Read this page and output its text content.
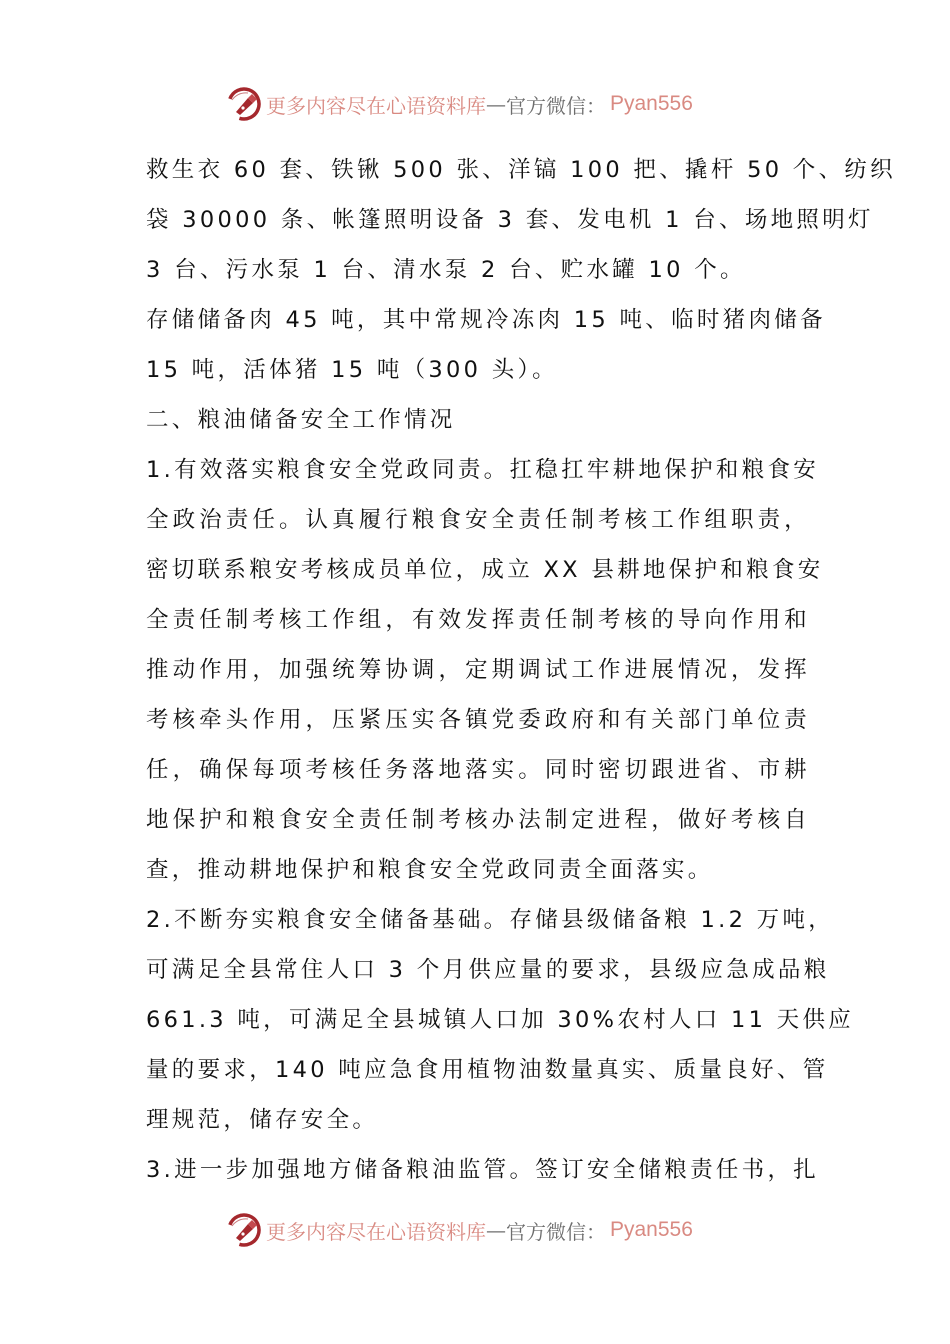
更多内容尽在心语资料库 — 官方微信： Pyan556
救生衣 60 套、铁锹 500 张、洋镐 100 把、撬杆 50 个、纺织
袋 30000 条、帐篷照明设备 3 套、发电机 1 台、场地照明灯
3 台、污水泵 1 台、清水泵 2 台、贮水罐 10 个。
存储储备肉 45 吨，其中常规冷冻肉 15 吨、临时猪肉储备
15 吨，活体猪 15 吨（300 头）。
二、粮油储备安全工作情况
1.有效落实粮食安全党政同责。扛稳扛牢耕地保护和粮食安
全政治责任。认真履行粮食安全责任制考核工作组职责，
密切联系粮安考核成员单位，成立 XX 县耕地保护和粮食安
全责任制考核工作组，有效发挥责任制考核的导向作用和
推动作用，加强统筹协调，定期调试工作进展情况，发挥
考核牵头作用，压紧压实各镇党委政府和有关部门单位责
任，确保每项考核任务落地落实。同时密切跟进省、市耕
地保护和粮食安全责任制考核办法制定进程，做好考核自
查，推动耕地保护和粮食安全党政同责全面落实。
2.不断夯实粮食安全储备基础。存储县级储备粮 1.2 万吨，
可满足全县常住人口 3 个月供应量的要求，县级应急成品粮
661.3 吨，可满足全县城镇人口加 30%农村人口 11 天供应
量的要求，140 吨应急食用植物油数量真实、质量良好、管
理规范，储存安全。
3.进一步加强地方储备粮油监管。签订安全储粮责任书，扎
更多内容尽在心语资料库 — 官方微信： Pyan556
